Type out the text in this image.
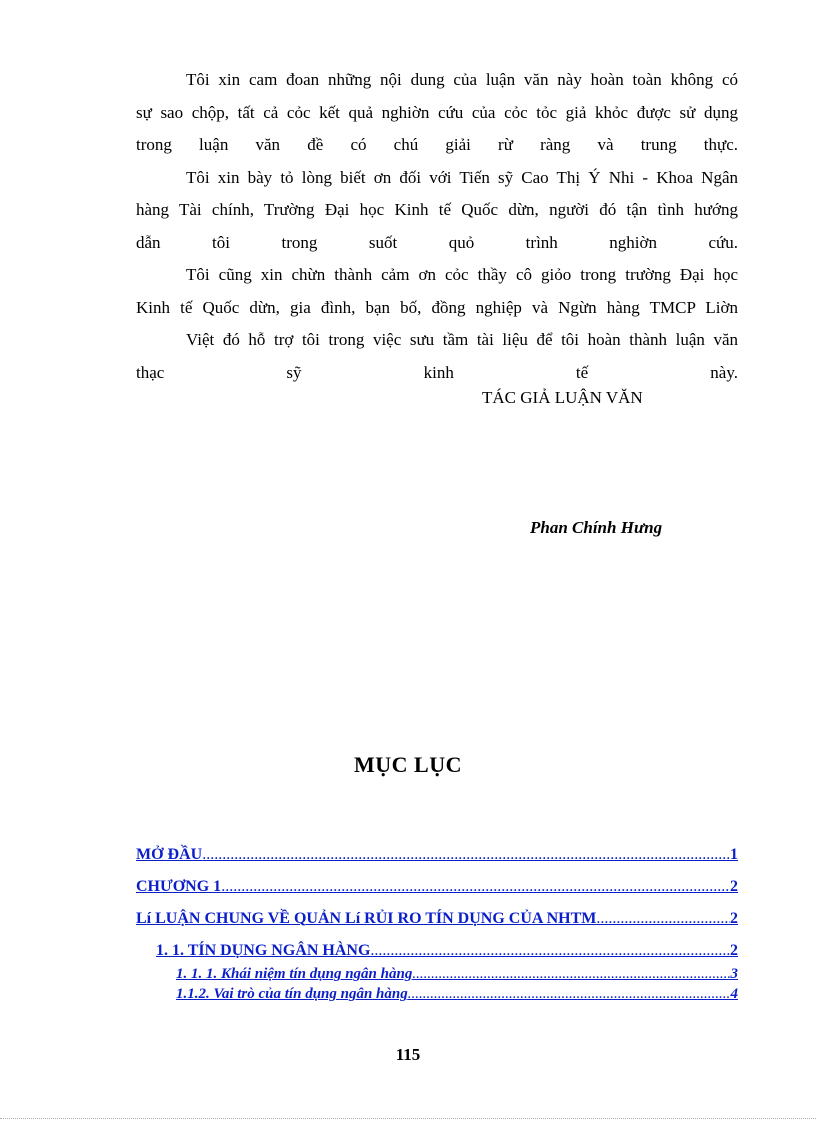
Tôi xin cam đoan những nội dung của luận văn này hoàn toàn không có
sự sao chộp, tất cả cỏc kết quả nghiờn cứu của cỏc tỏc giả khỏc được sử dụng
trong luận văn đề có chú giải rừ ràng và trung thực.
Tôi xin bày tỏ lòng biết ơn đối với Tiến sỹ Cao Thị Ý Nhi - Khoa Ngân
hàng Tài chính, Trường Đại học Kinh tế Quốc dừn, người đó tận tình hướng
dẫn tôi trong suốt quỏ trình nghiờn cứu.
Tôi cũng xin chừn thành cảm ơn cỏc thầy cô giỏo trong trường Đại học
Kinh tế Quốc dừn, gia đình, bạn bố, đồng nghiệp và Ngừn hàng TMCP Liờn
Việt đó hỗ trợ tôi trong việc sưu tầm tài liệu để tôi hoàn thành luận văn
thạc sỹ kinh tế này.
TÁC GIẢ LUẬN VĂN
Phan Chính Hưng
MỤC LỤC
MỞ ĐẦU .....	1
CHƯƠNG 1 .....	2
Lí LUẬN CHUNG VỀ QUẢN Lí RỦI RO TÍN DỤNG CỦA NHTM .....	2
1. 1. TÍN DỤNG NGÂN HÀNG .....	2
1. 1. 1. Khái niệm tín dụng ngân hàng .....	3
1.1.2. Vai trò của tín dụng ngân hàng .....	4
115
